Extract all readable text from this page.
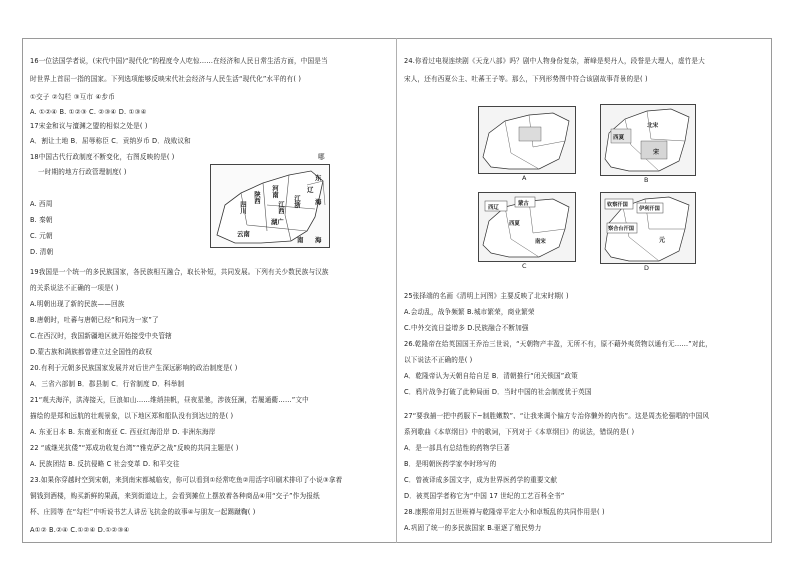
16一位法国学者说，(宋代中国)“现代化”的程度令人吃惊……在经济和人民日常生活方面，中国是当
时世界上首屈一指的国家。下列选项能够反映宋代社会经济与人民生活“现代化”水平的有( )
①交子 ②勾栏 ③互市 ④步币
A. ①②④ B. ①②③ C. ②③④ D. ①③④
17宋金和议与澶渊之盟的相似之处是( )
A．割让土地 B．屈辱称臣 C．贡纳岁币 D．战败议和
18中国古代行政制度不断变化，右图反映的是( )	哪
一时期的地方行政管理制度( )
A. 西周
B. 秦朝
C. 元朝
D. 清朝
四川
陕西 河南
江浙
湖广
江西
云南
东
海
南 海
辽
19我国是一个统一的多民族国家，各民族相互融合，取长补短，共同发展。下列有关少数民族与汉族
的关系说法不正确的一项是( )
A.明朝出现了新的民族——回族
B.唐朝时，吐蕃与唐朝已经“和同为一家”了
C.在西汉时，我国新疆地区就开始接受中央管辖
D.蒙古族和满族都曾建立过全国性的政权
20.有利于元朝多民族国家发展并对后世产生深远影响的政治制度是( )
A．三省六部制 B．郡县制 C．行省制度 D．科举制
21“观夫海洋，洪涛接天，巨浪如山……维绡挂帆，昼夜星驰，涉彼狂澜，若履通衢……”文中
描绘的是郑和远航的壮观景象，以下地区郑和船队没有到达过的是( )
A. 东亚日本 B. 东南亚和南亚 C. 西亚红海沿岸 D. 非洲东海岸
22 “戚继光抗倭”“郑成功收复台湾”“雅克萨之战”反映的共同主题是( )
A. 民族团结 B. 反抗侵略 C 社会变革 D. 和平交往
23.如果你穿越时空到宋朝，来到南宋都城临安，你可以看到①经常吃鱼②用活字印刷术排印了小说③拿着
铜钱到酒楼，购买新鲜的果蔬，来到街道边上，会看到摊位上摆放着各种商品④用“交子”作为报纸
杯、庄园等 在“勾栏”中听说书艺人讲岳飞抗金的故事④与朋友一起踢蹴鞠( )
A①② B.②④ C.①②④ D.①②③④
24.你看过电视连续剧《天龙八部》吗？剧中人物身份复杂，萧峰是契丹人，段誉是大理人，虚竹是大
宋人，还有西夏公主、吐蕃王子等。那么，下列形势图中符合该剧故事背景的是( )
A
北宋
西夏
宋
B
西辽
蒙古
南宋
西夏
C
钦察汗国
伊利汗国
察合台汗国
元
D
25张择端的名画《清明上河图》主要反映了北宋时期( )
A.会动乱，战争频繁 B.城市繁荣，商业繁荣
C.中外交流日益增多 D.民族融合不断加强
26.乾隆帝在给英国国王乔治三世说，“天朝物产丰盈，无所不有，原不藉外夷货物以通有无……”对此，
以下说法不正确的是( )
A．乾隆帝认为天朝自给自足 B．清朝推行“闭关锁国”政策
C．鸦片战争打破了此种局面 D．当时中国的社会制度优于英国
27“要我捕一把中药服下~制胜嫩数”、“让我来调个偏方专治你懒外的内伤”。这是周杰伦强唱的中国风
系列歌曲《本草纲目》中的歌词，下列对于《本草纲目》的说法，错误的是( )
A．是一部具有总结性的药物学巨著
B．是明朝医药学家李时珍写的
C．曾被译成多国文字，成为世界医药学的重要文献
D．被英国学者称它为“中国 17 世纪的工艺百科全书”
28.康熙帝用封五世班禅与乾隆帝平定大小和卓叛乱的共同作用是( )
A.巩固了统一的多民族国家 B.驱逐了殖民势力
